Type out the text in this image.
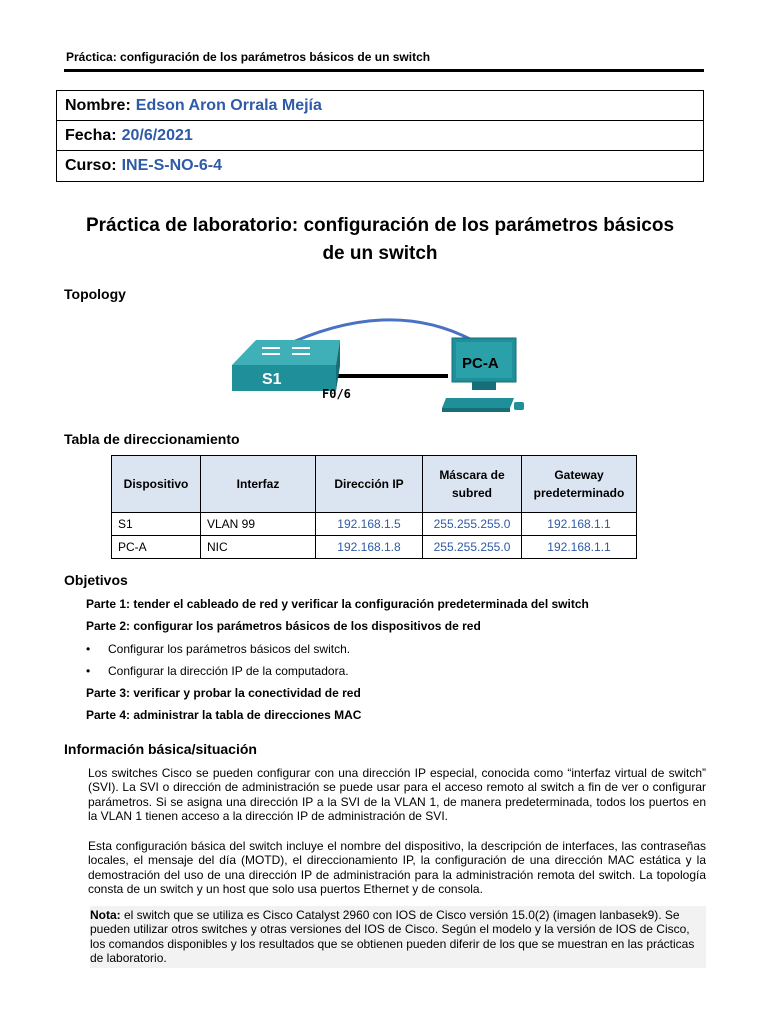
Práctica: configuración de los parámetros básicos de un switch
Nombre: Edson Aron Orrala Mejía
Fecha: 20/6/2021
Curso: INE-S-NO-6-4
Práctica de laboratorio: configuración de los parámetros básicos
de un switch
Topology
S1
F0/6
PC-A
Tabla de direccionamiento
Dispositivo	Interfaz	Dirección IP	Máscara de subred	Gateway predeterminado
S1	VLAN 99	192.168.1.5	255.255.255.0	192.168.1.1
PC-A	NIC	192.168.1.8	255.255.255.0	192.168.1.1
Objetivos
Parte 1: tender el cableado de red y verificar la configuración predeterminada del switch
Parte 2: configurar los parámetros básicos de los dispositivos de red
• Configurar los parámetros básicos del switch.
• Configurar la dirección IP de la computadora.
Parte 3: verificar y probar la conectividad de red
Parte 4: administrar la tabla de direcciones MAC
Información básica/situación
Los switches Cisco se pueden configurar con una dirección IP especial, conocida como “interfaz virtual de switch” (SVI). La SVI o dirección de administración se puede usar para el acceso remoto al switch a fin de ver o configurar parámetros. Si se asigna una dirección IP a la SVI de la VLAN 1, de manera predeterminada, todos los puertos en la VLAN 1 tienen acceso a la dirección IP de administración de SVI.
Esta configuración básica del switch incluye el nombre del dispositivo, la descripción de interfaces, las contraseñas locales, el mensaje del día (MOTD), el direccionamiento IP, la configuración de una dirección MAC estática y la demostración del uso de una dirección IP de administración para la administración remota del switch. La topología consta de un switch y un host que solo usa puertos Ethernet y de consola.
Nota: el switch que se utiliza es Cisco Catalyst 2960 con IOS de Cisco versión 15.0(2) (imagen lanbasek9). Se pueden utilizar otros switches y otras versiones del IOS de Cisco. Según el modelo y la versión de IOS de Cisco, los comandos disponibles y los resultados que se obtienen pueden diferir de los que se muestran en las prácticas de laboratorio.
